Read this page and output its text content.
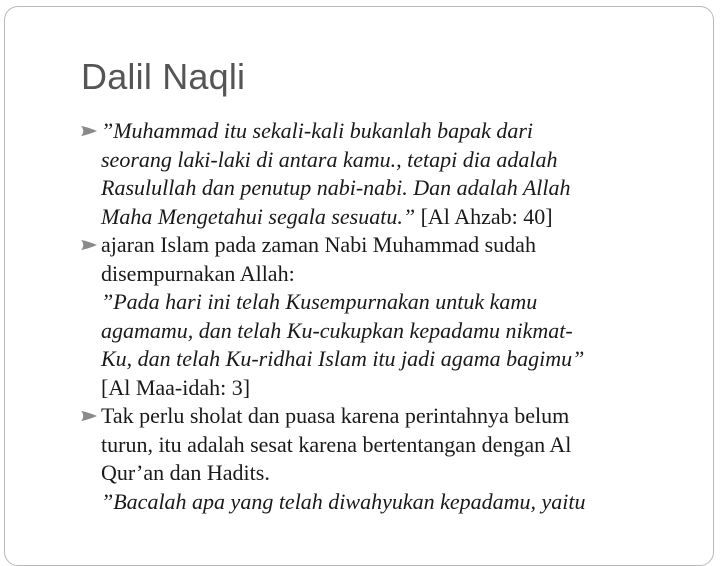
Dalil Naqli
”Muhammad itu sekali-kali bukanlah bapak dari
seorang laki-laki di antara kamu., tetapi dia adalah
Rasulullah dan penutup nabi-nabi. Dan adalah Allah
Maha Mengetahui segala sesuatu.” [Al Ahzab: 40]
ajaran Islam pada zaman Nabi Muhammad sudah
disempurnakan Allah:
”Pada hari ini telah Kusempurnakan untuk kamu
agamamu, dan telah Ku-cukupkan kepadamu nikmat-
Ku, dan telah Ku-ridhai Islam itu jadi agama bagimu”
[Al Maa-idah: 3]
Tak perlu sholat dan puasa karena perintahnya belum
turun, itu adalah sesat karena bertentangan dengan Al
Qur’an dan Hadits.
”Bacalah apa yang telah diwahyukan kepadamu, yaitu
